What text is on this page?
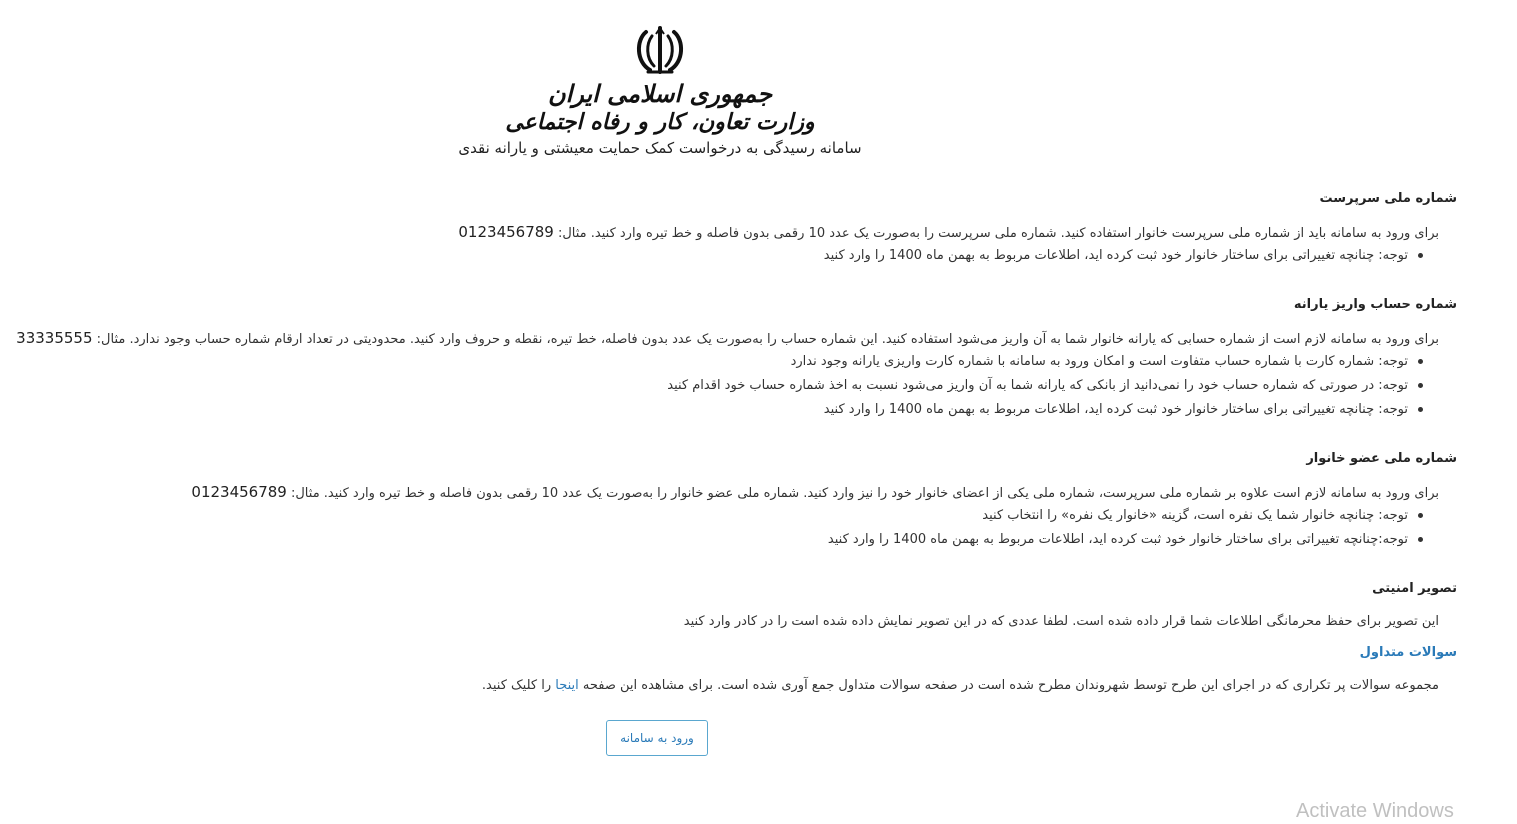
جمهوری اسلامی ایران
وزارت تعاون، کار و رفاه اجتماعی
سامانه رسیدگی به درخواست کمک حمایت معیشتی و یارانه نقدی
شماره ملی سرپرست
برای ورود به سامانه باید از شماره ملی سرپرست خانوار استفاده کنید. شماره ملی سرپرست را به‌صورت یک عدد 10 رقمی بدون فاصله و خط تیره وارد کنید. مثال: 0123456789
توجه: چنانچه تغییراتی برای ساختار خانوار خود ثبت کرده اید، اطلاعات مربوط به بهمن ماه 1400 را وارد کنید
شماره حساب واریز یارانه
برای ورود به سامانه لازم است از شماره حسابی که یارانه خانوار شما به آن واریز می‌شود استفاده کنید. این شماره حساب را به‌صورت یک عدد بدون فاصله، خط تیره، نقطه و حروف وارد کنید. محدودیتی در تعداد ارقام شماره حساب وجود ندارد. مثال: 33335555
توجه: شماره کارت با شماره حساب متفاوت است و امکان ورود به سامانه با شماره کارت واریزی یارانه وجود ندارد
توجه: در صورتی که شماره حساب خود را نمی‌دانید از بانکی که یارانه شما به آن واریز می‌شود نسبت به اخذ شماره حساب خود اقدام کنید
توجه: چنانچه تغییراتی برای ساختار خانوار خود ثبت کرده اید، اطلاعات مربوط به بهمن ماه 1400 را وارد کنید
شماره ملی عضو خانوار
برای ورود به سامانه لازم است علاوه بر شماره ملی سرپرست، شماره ملی یکی از اعضای خانوار خود را نیز وارد کنید. شماره ملی عضو خانوار را به‌صورت یک عدد 10 رقمی بدون فاصله و خط تیره وارد کنید. مثال: 0123456789
توجه: چنانچه خانوار شما یک نفره است، گزینه «خانوار یک نفره» را انتخاب کنید
توجه:چنانچه تغییراتی برای ساختار خانوار خود ثبت کرده اید، اطلاعات مربوط به بهمن ماه 1400 را وارد کنید
تصویر امنیتی
این تصویر برای حفظ محرمانگی اطلاعات شما قرار داده شده است. لطفا عددی که در این تصویر نمایش داده شده است را در کادر وارد کنید
سوالات متداول
مجموعه سوالات پر تکراری که در اجرای این طرح توسط شهروندان مطرح شده است در صفحه سوالات متداول جمع آوری شده است. برای مشاهده این صفحه اینجا را کلیک کنید.
ورود به سامانه
Activate Windows
